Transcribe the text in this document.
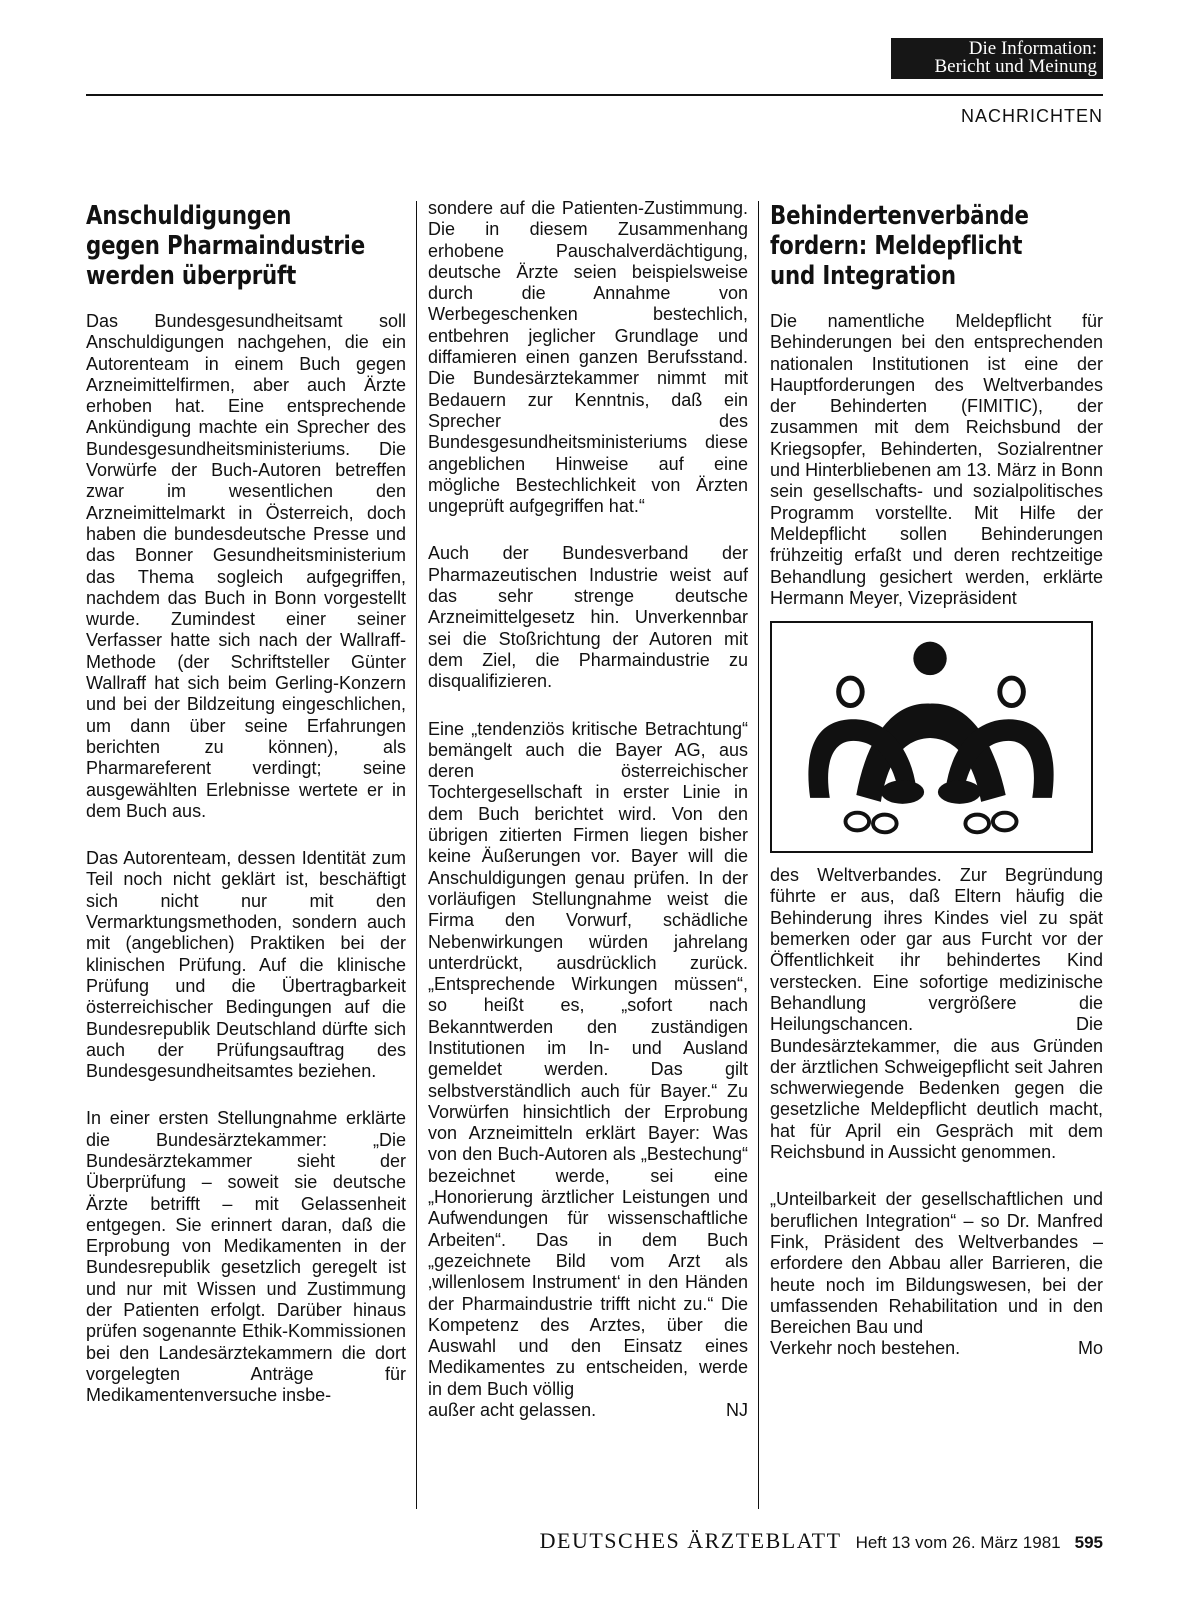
Die Information:
Bericht und Meinung
NACHRICHTEN
Anschuldigungen
gegen Pharmaindustrie
werden überprüft

Das Bundesgesundheitsamt soll Anschuldigungen nachgehen, die ein Autorenteam in einem Buch gegen Arzneimittelfirmen, aber auch Ärzte erhoben hat. Eine entsprechende Ankündigung machte ein Sprecher des Bundesgesundheitsministeriums. Die Vorwürfe der Buch-Autoren betreffen zwar im wesentlichen den Arzneimittelmarkt in Österreich, doch haben die bundesdeutsche Presse und das Bonner Gesundheitsministerium das Thema sogleich aufgegriffen, nachdem das Buch in Bonn vorgestellt wurde. Zumindest einer seiner Verfasser hatte sich nach der Wallraff-Methode (der Schriftsteller Günter Wallraff hat sich beim Gerling-Konzern und bei der Bildzeitung eingeschlichen, um dann über seine Erfahrungen berichten zu können), als Pharmareferent verdingt; seine ausgewählten Erlebnisse wertete er in dem Buch aus.

Das Autorenteam, dessen Identität zum Teil noch nicht geklärt ist, beschäftigt sich nicht nur mit den Vermarktungsmethoden, sondern auch mit (angeblichen) Praktiken bei der klinischen Prüfung. Auf die klinische Prüfung und die Übertragbarkeit österreichischer Bedingungen auf die Bundesrepublik Deutschland dürfte sich auch der Prüfungsauftrag des Bundesgesundheitsamtes beziehen.

In einer ersten Stellungnahme erklärte die Bundesärztekammer: „Die Bundesärztekammer sieht der Überprüfung – soweit sie deutsche Ärzte betrifft – mit Gelassenheit entgegen. Sie erinnert daran, daß die Erprobung von Medikamenten in der Bundesrepublik gesetzlich geregelt ist und nur mit Wissen und Zustimmung der Patienten erfolgt. Darüber hinaus prüfen sogenannte Ethik-Kommissionen bei den Landesärztekammern die dort vorgelegten Anträge für Medikamentenversuche insbe-

sondere auf die Patienten-Zustimmung. Die in diesem Zusammenhang erhobene Pauschalverdächtigung, deutsche Ärzte seien beispielsweise durch die Annahme von Werbegeschenken bestechlich, entbehren jeglicher Grundlage und diffamieren einen ganzen Berufsstand. Die Bundesärztekammer nimmt mit Bedauern zur Kenntnis, daß ein Sprecher des Bundesgesundheitsministeriums diese angeblichen Hinweise auf eine mögliche Bestechlichkeit von Ärzten ungeprüft aufgegriffen hat.“

Auch der Bundesverband der Pharmazeutischen Industrie weist auf das sehr strenge deutsche Arzneimittelgesetz hin. Unverkennbar sei die Stoßrichtung der Autoren mit dem Ziel, die Pharmaindustrie zu disqualifizieren.

Eine „tendenziös kritische Betrachtung“ bemängelt auch die Bayer AG, aus deren österreichischer Tochtergesellschaft in erster Linie in dem Buch berichtet wird. Von den übrigen zitierten Firmen liegen bisher keine Äußerungen vor. Bayer will die Anschuldigungen genau prüfen. In der vorläufigen Stellungnahme weist die Firma den Vorwurf, schädliche Nebenwirkungen würden jahrelang unterdrückt, ausdrücklich zurück. „Entsprechende Wirkungen müssen“, so heißt es, „sofort nach Bekanntwerden den zuständigen Institutionen im In- und Ausland gemeldet werden. Das gilt selbstverständlich auch für Bayer.“ Zu Vorwürfen hinsichtlich der Erprobung von Arzneimitteln erklärt Bayer: Was von den Buch-Autoren als „Bestechung“ bezeichnet werde, sei eine „Honorierung ärztlicher Leistungen und Aufwendungen für wissenschaftliche Arbeiten“. Das in dem Buch „gezeichnete Bild vom Arzt als ‚willenlosem Instrument‘ in den Händen der Pharmaindustrie trifft nicht zu.“ Die Kompetenz des Arztes, über die Auswahl und den Einsatz eines Medikamentes zu entscheiden, werde in dem Buch völlig
außer acht gelassen.	NJ

Behindertenverbände
fordern: Meldepflicht
und Integration

Die namentliche Meldepflicht für Behinderungen bei den entsprechenden nationalen Institutionen ist eine der Hauptforderungen des Weltverbandes der Behinderten (FIMITIC), der zusammen mit dem Reichsbund der Kriegsopfer, Behinderten, Sozialrentner und Hinterbliebenen am 13. März in Bonn sein gesellschafts- und sozialpolitisches Programm vorstellte. Mit Hilfe der Meldepflicht sollen Behinderungen frühzeitig erfaßt und deren rechtzeitige Behandlung gesichert werden, erklärte Hermann Meyer, Vizepräsident

des Weltverbandes. Zur Begründung führte er aus, daß Eltern häufig die Behinderung ihres Kindes viel zu spät bemerken oder gar aus Furcht vor der Öffentlichkeit ihr behindertes Kind verstecken. Eine sofortige medizinische Behandlung vergrößere die Heilungschancen. Die Bundesärztekammer, die aus Gründen der ärztlichen Schweigepflicht seit Jahren schwerwiegende Bedenken gegen die gesetzliche Meldepflicht deutlich macht, hat für April ein Gespräch mit dem Reichsbund in Aussicht genommen.

„Unteilbarkeit der gesellschaftlichen und beruflichen Integration“ – so Dr. Manfred Fink, Präsident des Weltverbandes – erfordere den Abbau aller Barrieren, die heute noch im Bildungswesen, bei der umfassenden Rehabilitation und in den Bereichen Bau und
Verkehr noch bestehen.	Mo

DEUTSCHES ÄRZTEBLATT Heft 13 vom 26. März 1981 595
